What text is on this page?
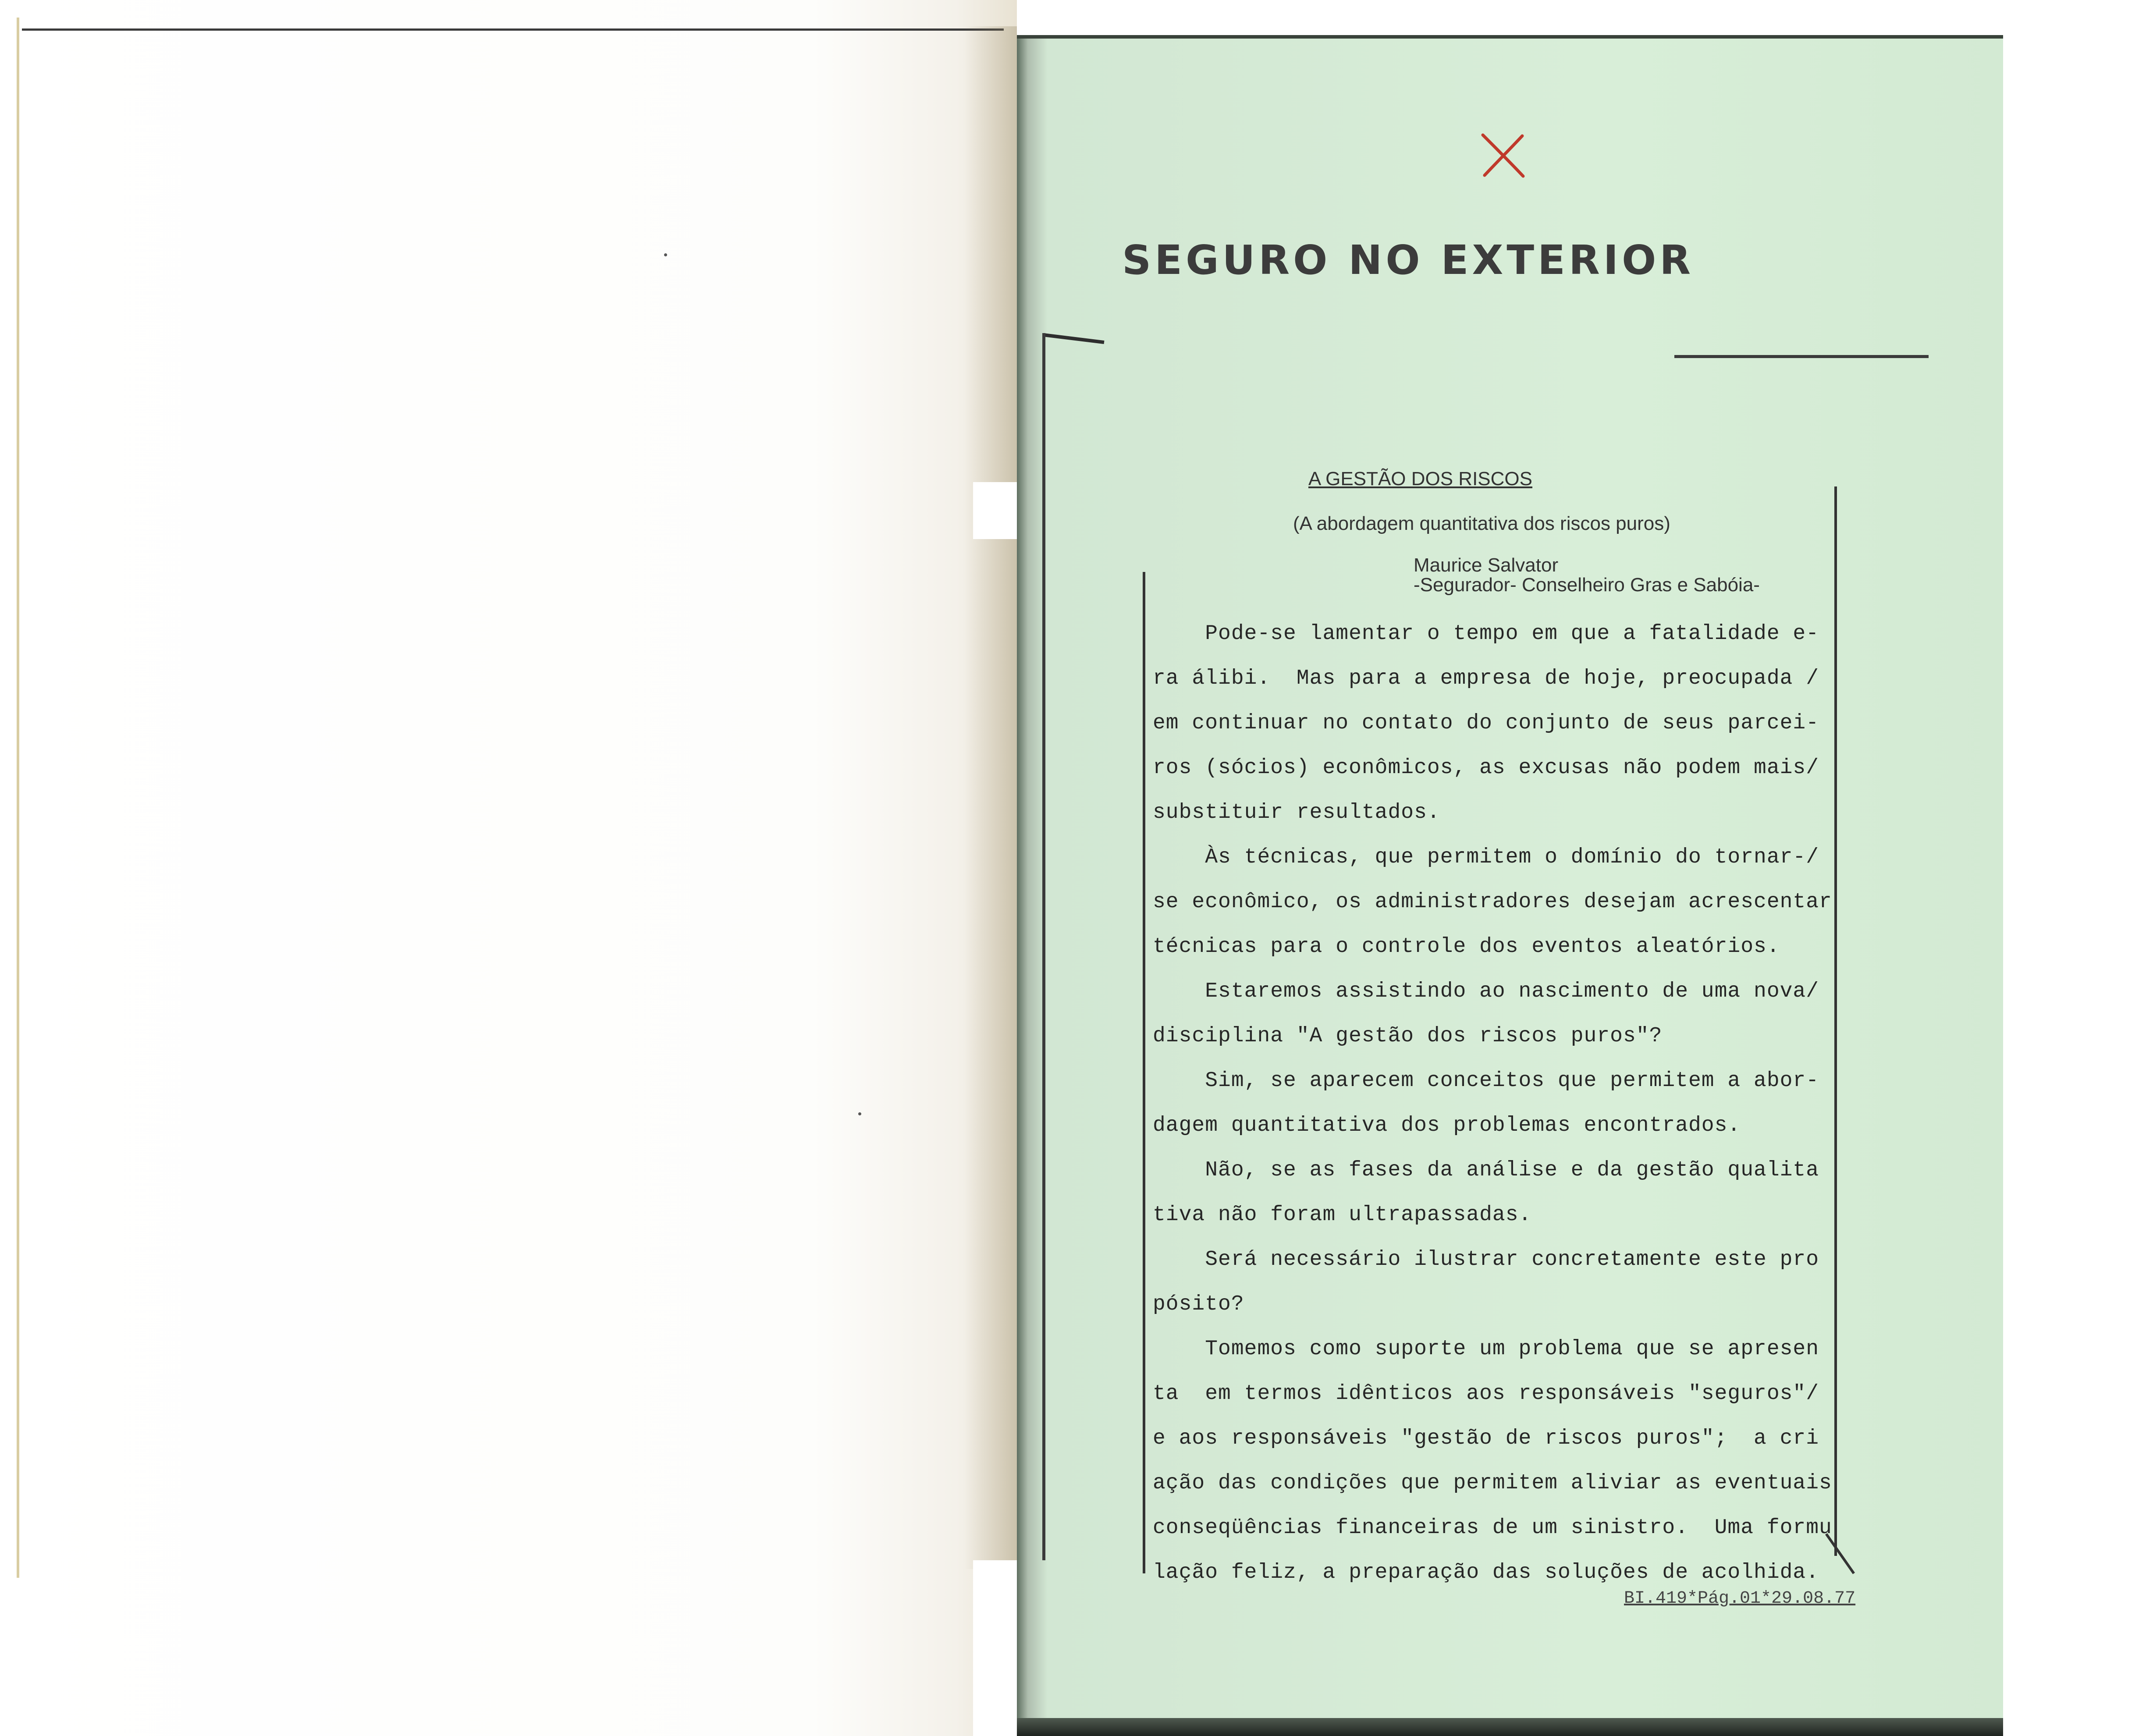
SEGURO NO EXTERIOR
A GESTÃO DOS RISCOS
(A abordagem quantitativa dos riscos puros)
Maurice Salvator
-Segurador- Conselheiro Gras e Sabóia-
Pode-se lamentar o tempo em que a fatalidade e-
ra álibi.  Mas para a empresa de hoje, preocupada /
em continuar no contato do conjunto de seus parcei-
ros (sócios) econômicos, as excusas não podem mais/
substituir resultados.
Às técnicas, que permitem o domínio do tornar-/
se econômico, os administradores desejam acrescentar
técnicas para o controle dos eventos aleatórios.
Estaremos assistindo ao nascimento de uma nova/
disciplina "A gestão dos riscos puros"?
Sim, se aparecem conceitos que permitem a abor-
dagem quantitativa dos problemas encontrados.
Não, se as fases da análise e da gestão qualita
tiva não foram ultrapassadas.
Será necessário ilustrar concretamente este pro
pósito?
Tomemos como suporte um problema que se apresen
ta  em termos idênticos aos responsáveis "seguros"/
e aos responsáveis "gestão de riscos puros";  a cri
ação das condições que permitem aliviar as eventuais
conseqüências financeiras de um sinistro.  Uma formu
lação feliz, a preparação das soluções de acolhida.
BI.419*Pág.01*29.08.77
